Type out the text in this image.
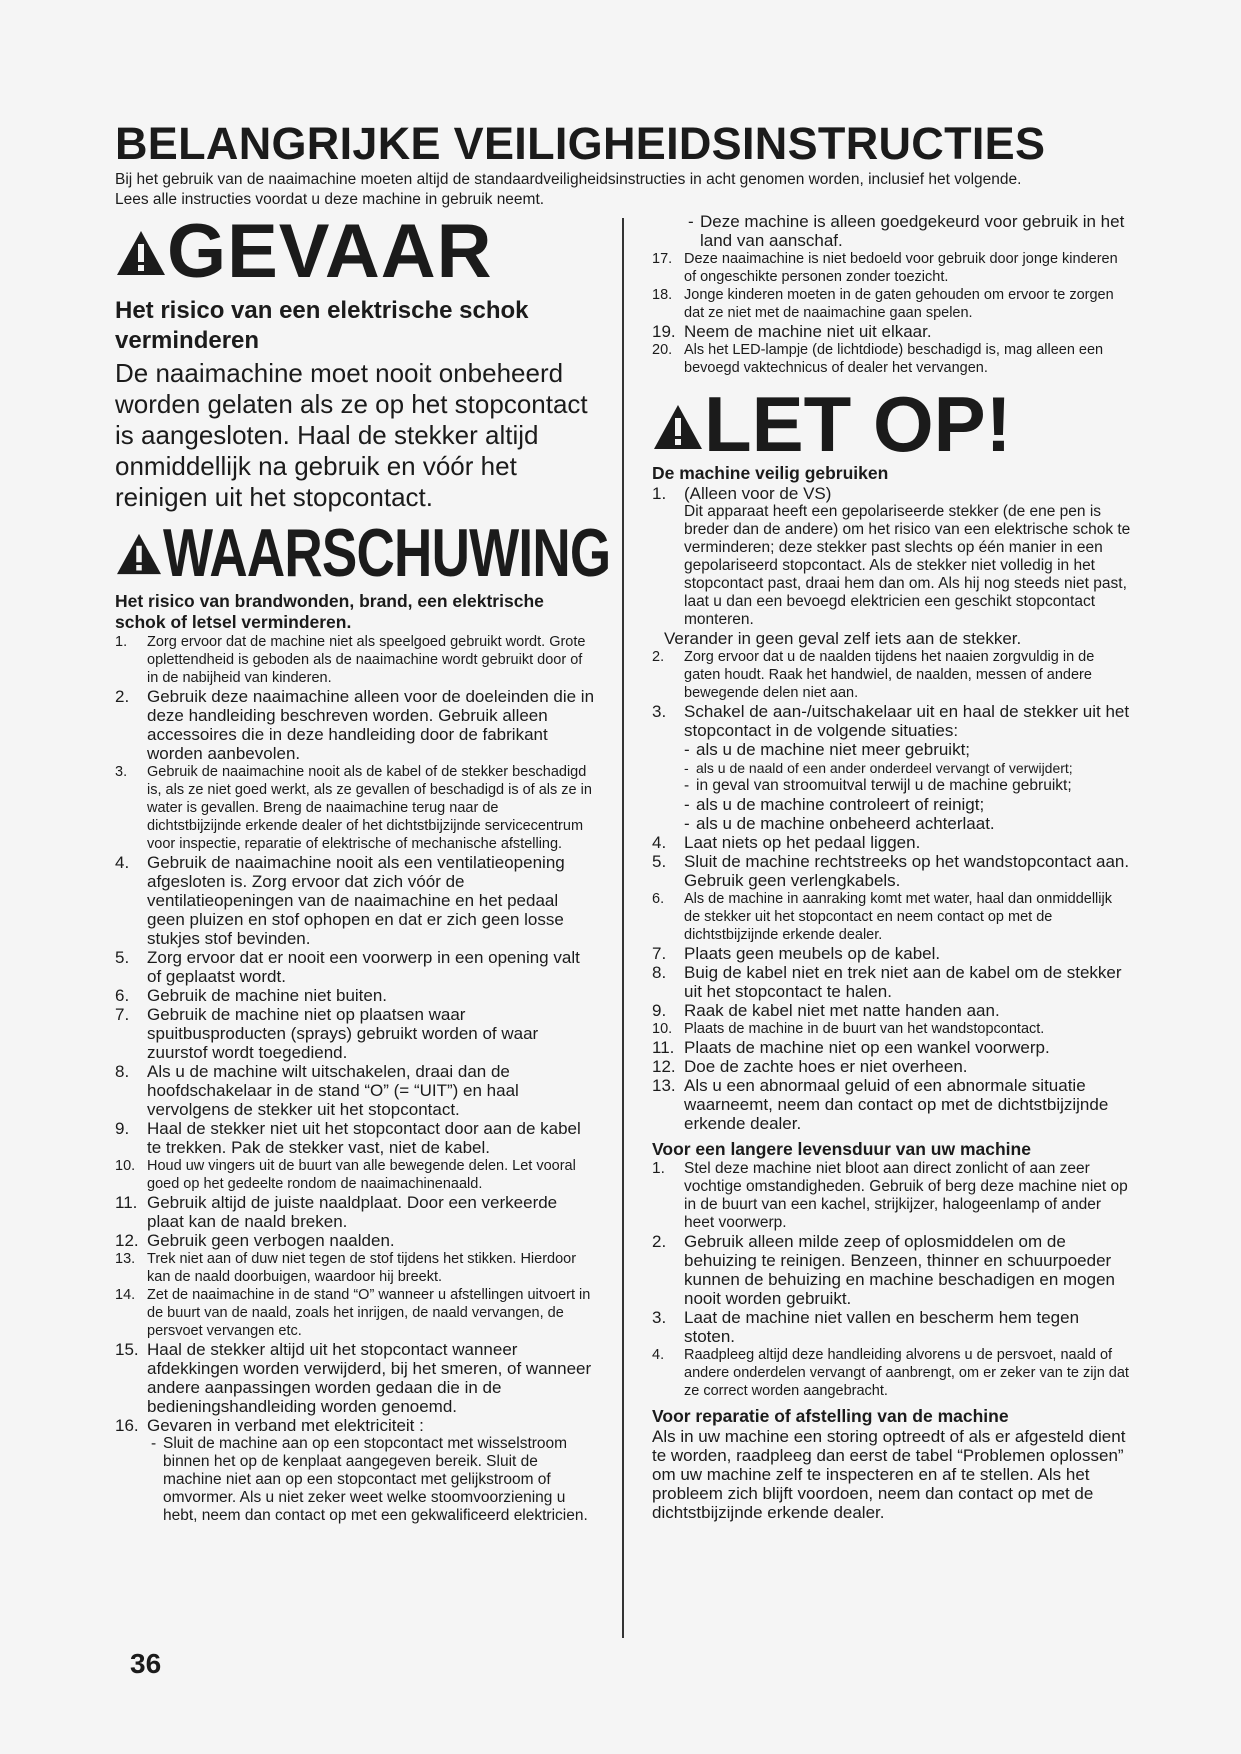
BELANGRIJKE VEILIGHEIDSINSTRUCTIES
Bij het gebruik van de naaimachine moeten altijd de standaardveiligheidsinstructies in acht genomen worden, inclusief het volgende.
Lees alle instructies voordat u deze machine in gebruik neemt.
GEVAAR
Het risico van een elektrische schok verminderen
De naaimachine moet nooit onbeheerd worden gelaten als ze op het stopcontact is aangesloten. Haal de stekker altijd onmiddellijk na gebruik en vóór het reinigen uit het stopcontact.
WAARSCHUWING
Het risico van brandwonden, brand, een elektrische schok of letsel verminderen.
1. Zorg ervoor dat de machine niet als speelgoed gebruikt wordt. Grote oplettendheid is geboden als de naaimachine wordt gebruikt door of in de nabijheid van kinderen.
2. Gebruik deze naaimachine alleen voor de doeleinden die in deze handleiding beschreven worden. Gebruik alleen accessoires die in deze handleiding door de fabrikant worden aanbevolen.
3. Gebruik de naaimachine nooit als de kabel of de stekker beschadigd is, als ze niet goed werkt, als ze gevallen of beschadigd is of als ze in water is gevallen. Breng de naaimachine terug naar de dichtstbijzijnde erkende dealer of het dichtstbijzijnde servicecentrum voor inspectie, reparatie of elektrische of mechanische afstelling.
4. Gebruik de naaimachine nooit als een ventilatieopening afgesloten is. Zorg ervoor dat zich vóór de ventilatieopeningen van de naaimachine en het pedaal geen pluizen en stof ophopen en dat er zich geen losse stukjes stof bevinden.
5. Zorg ervoor dat er nooit een voorwerp in een opening valt of geplaatst wordt.
6. Gebruik de machine niet buiten.
7. Gebruik de machine niet op plaatsen waar spuitbusproducten (sprays) gebruikt worden of waar zuurstof wordt toegediend.
8. Als u de machine wilt uitschakelen, draai dan de hoofdschakelaar in de stand “O” (= “UIT”) en haal vervolgens de stekker uit het stopcontact.
9. Haal de stekker niet uit het stopcontact door aan de kabel te trekken. Pak de stekker vast, niet de kabel.
10. Houd uw vingers uit de buurt van alle bewegende delen. Let vooral goed op het gedeelte rondom de naaimachinenaald.
11. Gebruik altijd de juiste naaldplaat. Door een verkeerde plaat kan de naald breken.
12. Gebruik geen verbogen naalden.
13. Trek niet aan of duw niet tegen de stof tijdens het stikken. Hierdoor kan de naald doorbuigen, waardoor hij breekt.
14. Zet de naaimachine in de stand “O” wanneer u afstellingen uitvoert in de buurt van de naald, zoals het inrijgen, de naald vervangen, de persvoet vervangen etc.
15. Haal de stekker altijd uit het stopcontact wanneer afdekkingen worden verwijderd, bij het smeren, of wanneer andere aanpassingen worden gedaan die in de bedieningshandleiding worden genoemd.
16. Gevaren in verband met elektriciteit :
- Sluit de machine aan op een stopcontact met wisselstroom binnen het op de kenplaat aangegeven bereik. Sluit de machine niet aan op een stopcontact met gelijkstroom of omvormer. Als u niet zeker weet welke stoomvoorziening u hebt, neem dan contact op met een gekwalificeerd elektricien.
- Deze machine is alleen goedgekeurd voor gebruik in het land van aanschaf.
17. Deze naaimachine is niet bedoeld voor gebruik door jonge kinderen of ongeschikte personen zonder toezicht.
18. Jonge kinderen moeten in de gaten gehouden om ervoor te zorgen dat ze niet met de naaimachine gaan spelen.
19. Neem de machine niet uit elkaar.
20. Als het LED-lampje (de lichtdiode) beschadigd is, mag alleen een bevoegd vaktechnicus of dealer het vervangen.
LET OP!
De machine veilig gebruiken
1. (Alleen voor de VS)
Dit apparaat heeft een gepolariseerde stekker (de ene pen is breder dan de andere) om het risico van een elektrische schok te verminderen; deze stekker past slechts op één manier in een gepolariseerd stopcontact. Als de stekker niet volledig in het stopcontact past, draai hem dan om. Als hij nog steeds niet past, laat u dan een bevoegd elektricien een geschikt stopcontact monteren.
Verander in geen geval zelf iets aan de stekker.
2. Zorg ervoor dat u de naalden tijdens het naaien zorgvuldig in de gaten houdt. Raak het handwiel, de naalden, messen of andere bewegende delen niet aan.
3. Schakel de aan-/uitschakelaar uit en haal de stekker uit het stopcontact in de volgende situaties:
- als u de machine niet meer gebruikt;
- als u de naald of een ander onderdeel vervangt of verwijdert;
- in geval van stroomuitval terwijl u de machine gebruikt;
- als u de machine controleert of reinigt;
- als u de machine onbeheerd achterlaat.
4. Laat niets op het pedaal liggen.
5. Sluit de machine rechtstreeks op het wandstopcontact aan. Gebruik geen verlengkabels.
6. Als de machine in aanraking komt met water, haal dan onmiddellijk de stekker uit het stopcontact en neem contact op met de dichtstbijzijnde erkende dealer.
7. Plaats geen meubels op de kabel.
8. Buig de kabel niet en trek niet aan de kabel om de stekker uit het stopcontact te halen.
9. Raak de kabel niet met natte handen aan.
10. Plaats de machine in de buurt van het wandstopcontact.
11. Plaats de machine niet op een wankel voorwerp.
12. Doe de zachte hoes er niet overheen.
13. Als u een abnormaal geluid of een abnormale situatie waarneemt, neem dan contact op met de dichtstbijzijnde erkende dealer.
Voor een langere levensduur van uw machine
1. Stel deze machine niet bloot aan direct zonlicht of aan zeer vochtige omstandigheden. Gebruik of berg deze machine niet op in de buurt van een kachel, strijkijzer, halogeenlamp of ander heet voorwerp.
2. Gebruik alleen milde zeep of oplosmiddelen om de behuizing te reinigen. Benzeen, thinner en schuurpoeder kunnen de behuizing en machine beschadigen en mogen nooit worden gebruikt.
3. Laat de machine niet vallen en bescherm hem tegen stoten.
4. Raadpleeg altijd deze handleiding alvorens u de persvoet, naald of andere onderdelen vervangt of aanbrengt, om er zeker van te zijn dat ze correct worden aangebracht.
Voor reparatie of afstelling van de machine
Als in uw machine een storing optreedt of als er afgesteld dient te worden, raadpleeg dan eerst de tabel “Problemen oplossen” om uw machine zelf te inspecteren en af te stellen. Als het probleem zich blijft voordoen, neem dan contact op met de dichtstbijzijnde erkende dealer.
36
